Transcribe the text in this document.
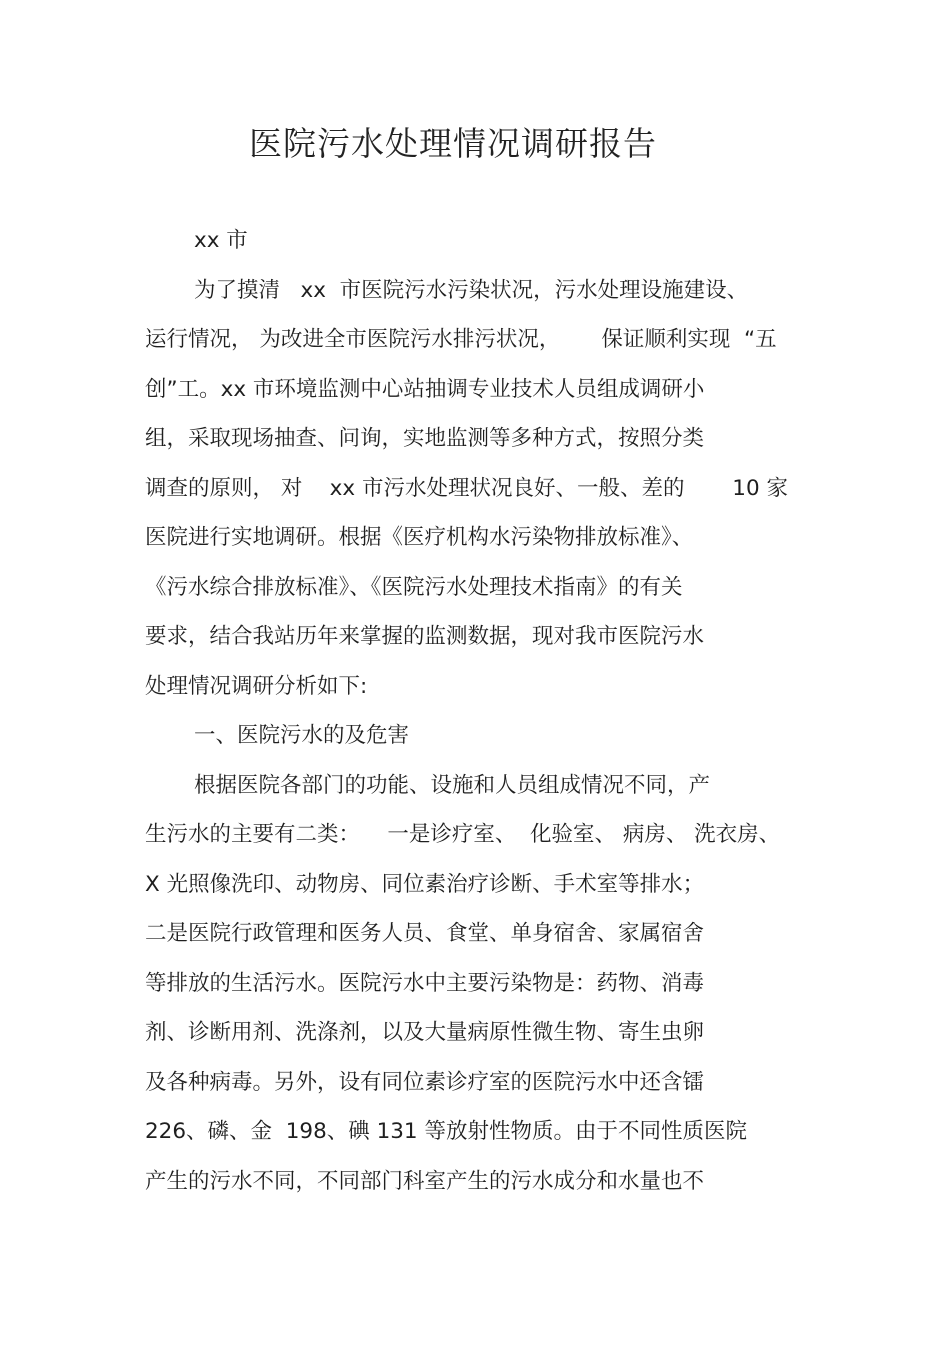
医院污水处理情况调研报告
xx 市
为了摸清   xx  市医院污水污染状况，污水处理设施建设、
运行情况， 为改进全市医院污水排污状况，      保证顺利实现  “五
创”工。xx 市环境监测中心站抽调专业技术人员组成调研小
组，采取现场抽查、问询，实地监测等多种方式，按照分类
调查的原则， 对    xx 市污水处理状况良好、一般、差的       10 家
医院进行实地调研。根据《医疗机构水污染物排放标准》、
《污水综合排放标准》、《医院污水处理技术指南》的有关
要求，结合我站历年来掌握的监测数据，现对我市医院污水
处理情况调研分析如下:
一、医院污水的及危害
根据医院各部门的功能、设施和人员组成情况不同，产
生污水的主要有二类：    一是诊疗室、  化验室、 病房、 洗衣房、
X 光照像洗印、动物房、同位素治疗诊断、手术室等排水；
二是医院行政管理和医务人员、食堂、单身宿舍、家属宿舍
等排放的生活污水。医院污水中主要污染物是：药物、消毒
剂、诊断用剂、洗涤剂，以及大量病原性微生物、寄生虫卵
及各种病毒。另外，设有同位素诊疗室的医院污水中还含镭
226、磷、金  198、碘 131 等放射性物质。由于不同性质医院
产生的污水不同，不同部门科室产生的污水成分和水量也不
